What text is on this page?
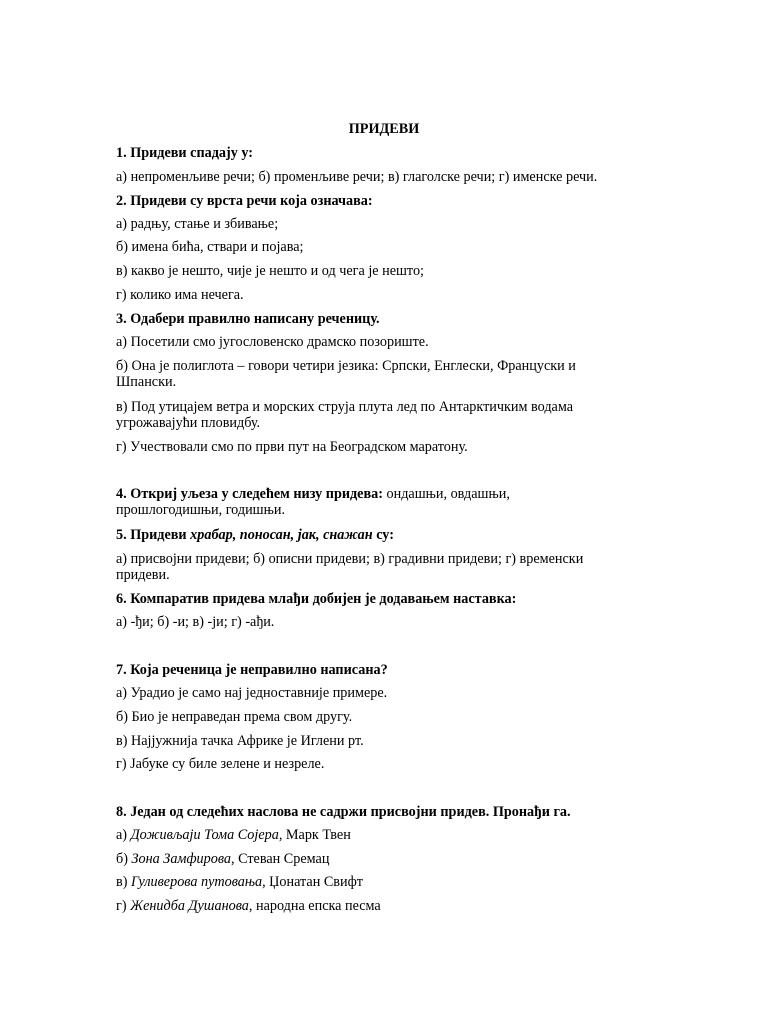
ПРИДЕВИ
1. Придеви спадају у:
а) непроменљиве речи; б) променљиве речи; в) глаголске речи; г) именске речи.
2. Придеви су врста речи која означава:
а) радњу, стање и збивање;
б) имена бића, ствари и појава;
в) какво је нешто, чије је нешто и од чега је нешто;
г) колико има нечега.
3. Одабери правилно написану реченицу.
а) Посетили смо југословенско драмско позориште.
б) Она је полиглота – говори четири језика: Српски, Енглески, Француски и
Шпански.
в) Под утицајем ветра и морских струја плута лед по Антарктичким водама
угрожавајући пловидбу.
г) Учествовали смо по први пут на Београдском маратону.
4. Откриј уљеза у следећем низу придева: ондашњи, овдашњи,
прошлогодишњи, годишњи.
5. Придеви храбар, поносан, јак, снажан су:
а) присвојни придеви; б) описни придеви; в) градивни придеви; г) временски
придеви.
6. Компаратив придева млађи добијен је додавањем наставка:
а) -ђи; б) -и; в) -ји; г) -ађи.
7. Која реченица је неправилно написана?
а) Урадио је само нај једноставније примере.
б) Био је неправедан према свом другу.
в) Најјужнија тачка Африке је Иглени рт.
г) Јабуке су биле зелене и незреле.
8. Један од следећих наслова не садржи присвојни придев. Пронађи га.
а) Доживљаји Тома Сојера, Марк Твен
б) Зона Замфирова, Стеван Сремац
в) Гуливерова путовања, Џонатан Свифт
г) Женидба Душанова, народна епска песма
